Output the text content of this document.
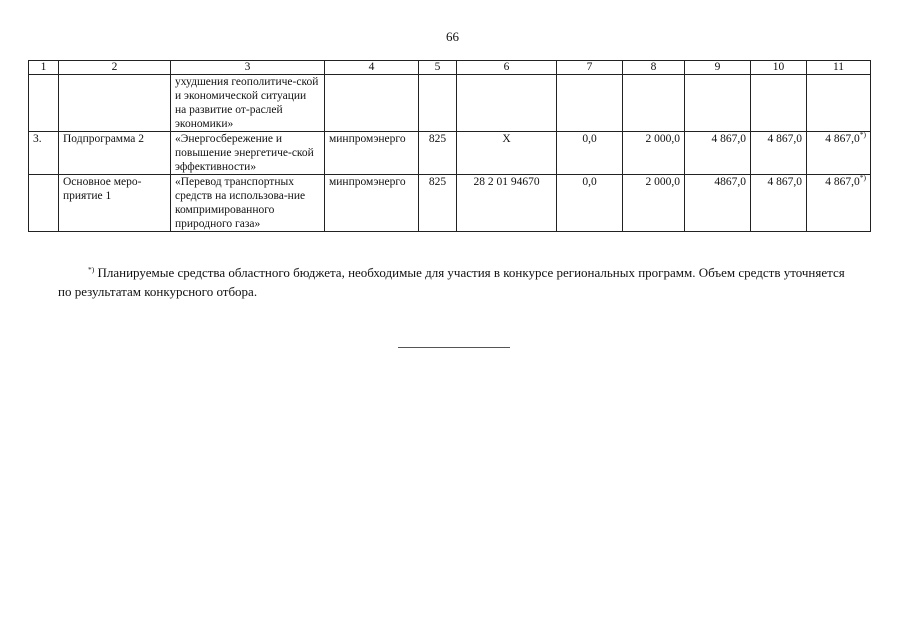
66
1	2	3	4	5	6	7	8	9	10	11
		ухудшения геополитиче-ской и экономической ситуации на развитие от-раслей экономики»								
3.	Подпрограмма 2	«Энергосбережение и повышение энергетиче-ской эффективности»	минпромэнерго	825	Х	0,0	2 000,0	4 867,0	4 867,0	4 867,0*)
	Основное меро-приятие 1	«Перевод транспортных средств на использова-ние компримированного природного газа»	минпромэнерго	825	28 2 01 94670	0,0	2 000,0	4867,0	4 867,0	4 867,0*)
*) Планируемые средства областного бюджета, необходимые для участия в конкурсе региональных программ. Объем средств уточняется по результатам конкурсного отбора.
